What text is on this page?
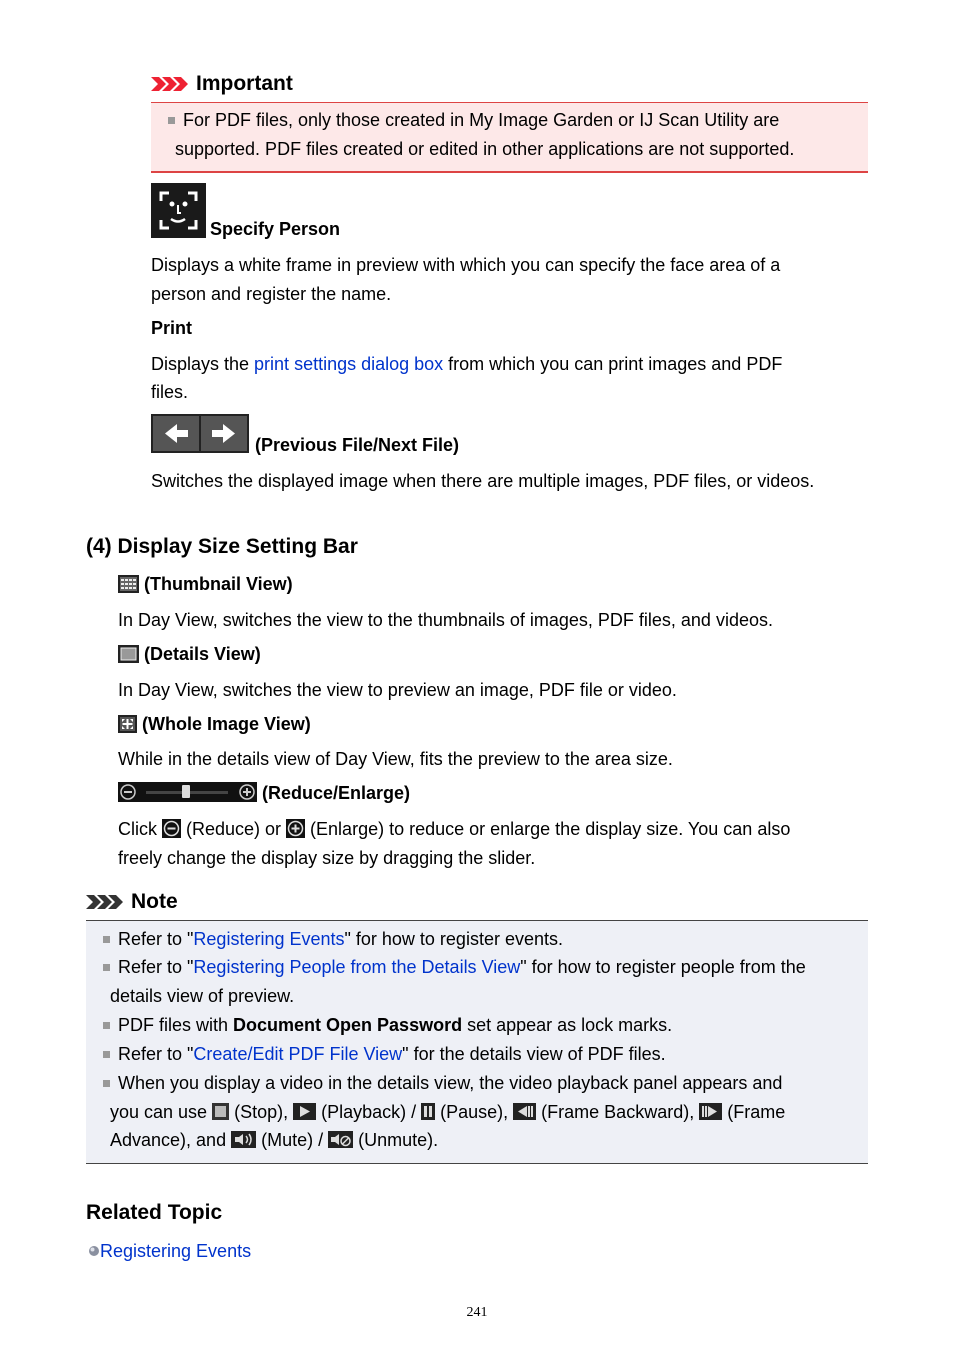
Important
For PDF files, only those created in My Image Garden or IJ Scan Utility are
supported. PDF files created or edited in other applications are not supported.
Specify Person
Displays a white frame in preview with which you can specify the face area of a
person and register the name.
Print
Displays the print settings dialog box from which you can print images and PDF
files.
(Previous File/Next File)
Switches the displayed image when there are multiple images, PDF files, or videos.
(4) Display Size Setting Bar
(Thumbnail View)
In Day View, switches the view to the thumbnails of images, PDF files, and videos.
(Details View)
In Day View, switches the view to preview an image, PDF file or video.
(Whole Image View)
While in the details view of Day View, fits the preview to the area size.
(Reduce/Enlarge)
Click  (Reduce) or  (Enlarge) to reduce or enlarge the display size. You can also
freely change the display size by dragging the slider.
Note
Refer to "Registering Events" for how to register events.
Refer to "Registering People from the Details View" for how to register people from the
details view of preview.
PDF files with Document Open Password set appear as lock marks.
Refer to "Create/Edit PDF File View" for the details view of PDF files.
When you display a video in the details view, the video playback panel appears and
you can use  (Stop),  (Playback) /  (Pause),  (Frame Backward),  (Frame
Advance), and  (Mute) /  (Unmute).
Related Topic
Registering Events
241
